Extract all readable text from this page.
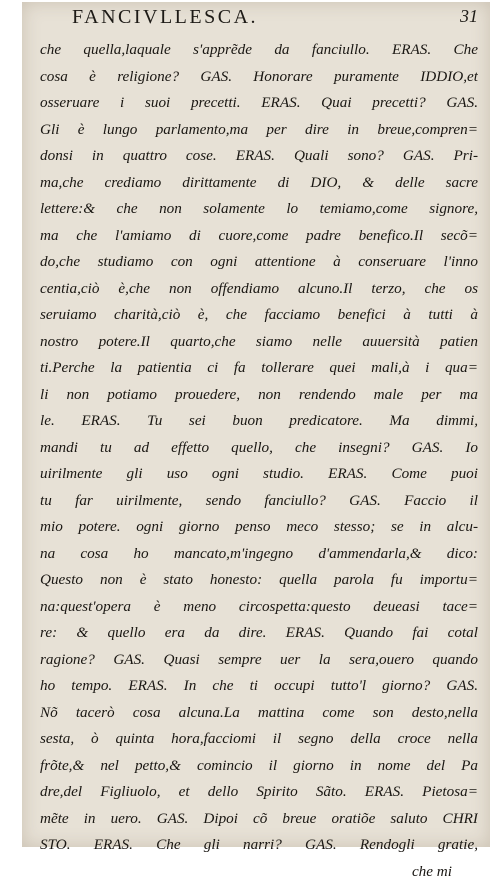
FANCIVLLESCA.	31
che quella,laquale s'apprẽde da fanciullo. ERAS. Che
cosa è religione? GAS. Honorare puramente IDDIO,et
osseruare i suoi precetti. ERAS. Quai precetti? GAS.
Gli è lungo parlamento,ma per dire in breue,compren=
donsi in quattro cose. ERAS. Quali sono? GAS. Pri-
ma,che crediamo dirittamente di DIO, & delle sacre
lettere:& che non solamente lo temiamo,come signore,
ma che l'amiamo di cuore,come padre benefico.Il secõ=
do,che studiamo con ogni attentione à conseruare l'inno
centia,ciò è,che non offendiamo alcuno.Il terzo, che os
seruiamo charità,ciò è, che facciamo benefici à tutti à
nostro potere.Il quarto,che siamo nelle auuersità patien
ti.Perche la patientia ci fa tollerare quei mali,à i qua=
li non potiamo prouedere, non rendendo male per ma
le. ERAS. Tu sei buon predicatore. Ma dimmi,
mandi tu ad effetto quello, che insegni? GAS. Io
uirilmente gli uso ogni studio. ERAS. Come puoi
tu far uirilmente, sendo fanciullo? GAS. Faccio il
mio potere. ogni giorno penso meco stesso; se in alcu-
na cosa ho mancato,m'ingegno d'ammendarla,& dico:
Questo non è stato honesto: quella parola fu importu=
na:quest'opera è meno circospetta:questo deueasi tace=
re: & quello era da dire. ERAS. Quando fai cotal
ragione? GAS. Quasi sempre uer la sera,ouero quando
ho tempo. ERAS. In che ti occupi tutto'l giorno? GAS.
Nõ tacerò cosa alcuna.La mattina come son desto,nella
sesta, ò quinta hora,facciomi il segno della croce nella
frõte,& nel petto,& comincio il giorno in nome del Pa
dre,del Figliuolo, et dello Spirito Sãto. ERAS. Pietosa=
mẽte in uero. GAS. Dipoi cõ breue oratiõe saluto CHRI
STO. ERAS. Che gli narri? GAS. Rendogli gratie,
che mi
